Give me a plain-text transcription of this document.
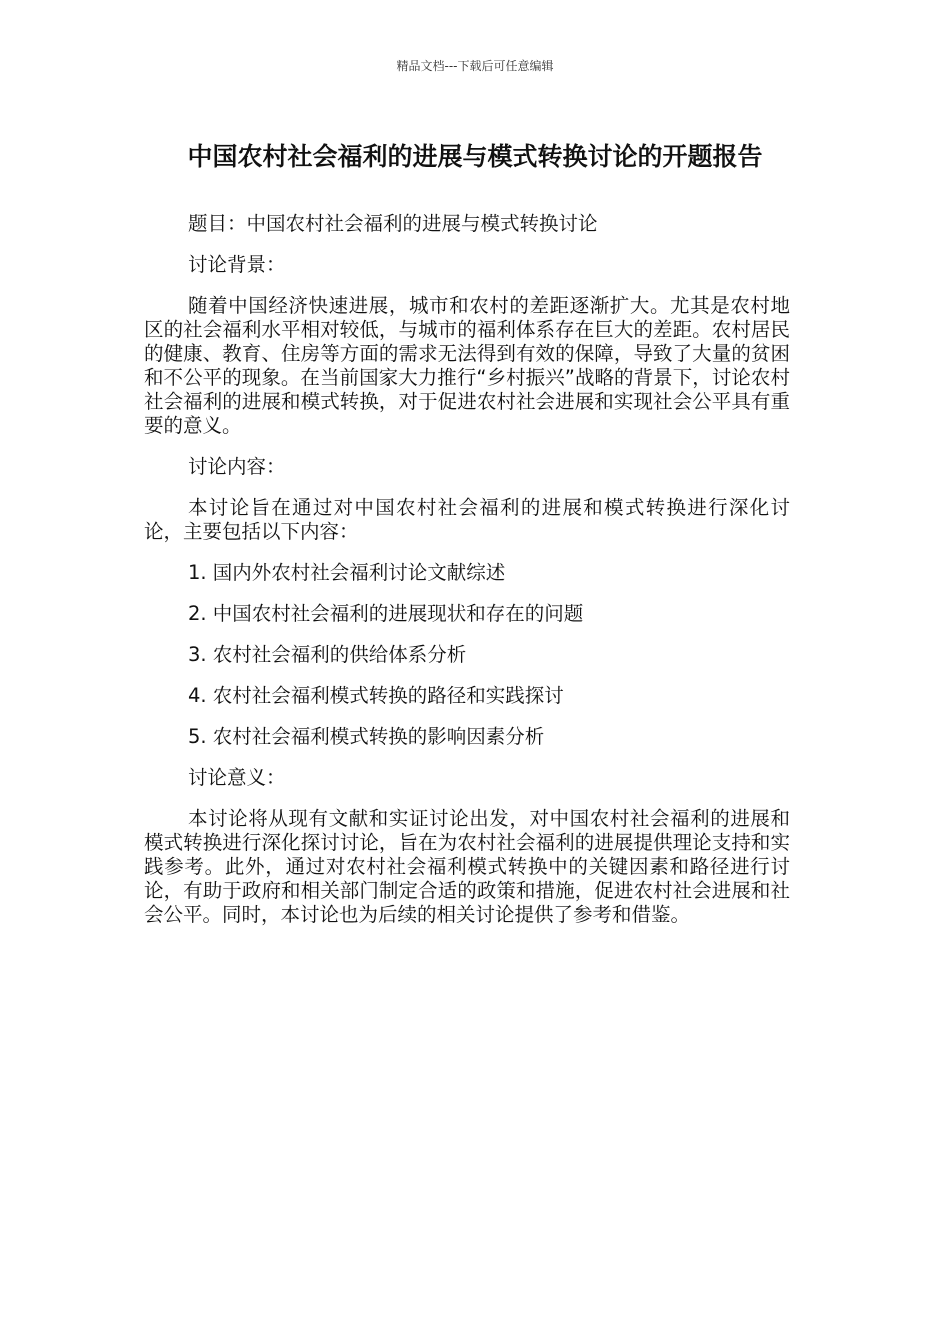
精品文档---下载后可任意编辑
中国农村社会福利的进展与模式转换讨论的开题报告

题目：中国农村社会福利的进展与模式转换讨论

讨论背景：

随着中国经济快速进展，城市和农村的差距逐渐扩大。尤其是农村地区的社会福利水平相对较低，与城市的福利体系存在巨大的差距。农村居民的健康、教育、住房等方面的需求无法得到有效的保障，导致了大量的贫困和不公平的现象。在当前国家大力推行“乡村振兴”战略的背景下，讨论农村社会福利的进展和模式转换，对于促进农村社会进展和实现社会公平具有重要的意义。

讨论内容：

本讨论旨在通过对中国农村社会福利的进展和模式转换进行深化讨论，主要包括以下内容：

1. 国内外农村社会福利讨论文献综述

2. 中国农村社会福利的进展现状和存在的问题

3. 农村社会福利的供给体系分析

4. 农村社会福利模式转换的路径和实践探讨

5. 农村社会福利模式转换的影响因素分析

讨论意义：

本讨论将从现有文献和实证讨论出发，对中国农村社会福利的进展和模式转换进行深化探讨讨论，旨在为农村社会福利的进展提供理论支持和实践参考。此外，通过对农村社会福利模式转换中的关键因素和路径进行讨论，有助于政府和相关部门制定合适的政策和措施，促进农村社会进展和社会公平。同时，本讨论也为后续的相关讨论提供了参考和借鉴。
